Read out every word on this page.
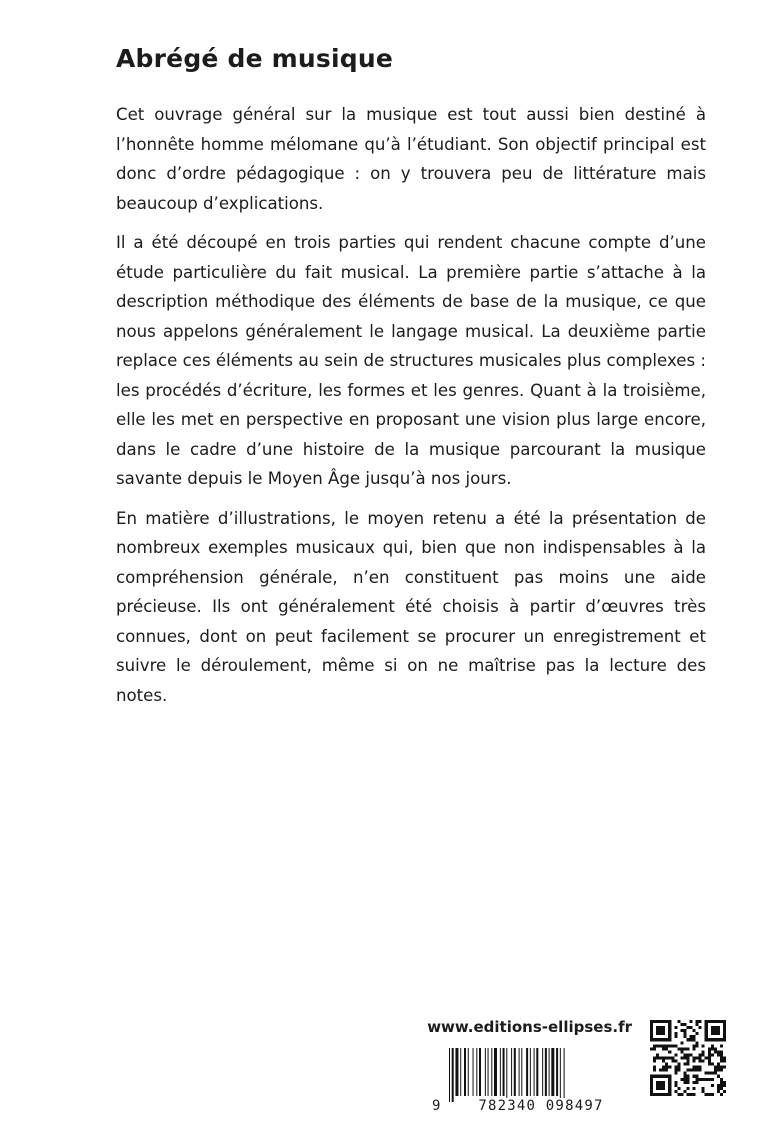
Abrégé de musique

Cet ouvrage général sur la musique est tout aussi bien destiné à l’honnête homme mélomane qu’à l’étudiant. Son objectif principal est donc d’ordre pédagogique : on y trouvera peu de littérature mais beaucoup d’explications.

Il a été découpé en trois parties qui rendent chacune compte d’une étude particulière du fait musical. La première partie s’attache à la description méthodique des éléments de base de la musique, ce que nous appelons généralement le langage musical. La deuxième partie replace ces éléments au sein de structures musicales plus complexes : les procédés d’écriture, les formes et les genres. Quant à la troisième, elle les met en perspective en proposant une vision plus large encore, dans le cadre d’une histoire de la musique parcourant la musique savante depuis le Moyen Âge jusqu’à nos jours.

En matière d’illustrations, le moyen retenu a été la présentation de nombreux exemples musicaux qui, bien que non indispensables à la compréhension générale, n’en constituent pas moins une aide précieuse. Ils ont généralement été choisis à partir d’œuvres très connues, dont on peut facilement se procurer un enregistrement et suivre le déroulement, même si on ne maîtrise pas la lecture des notes.

www.editions-ellipses.fr
9	782340 098497
